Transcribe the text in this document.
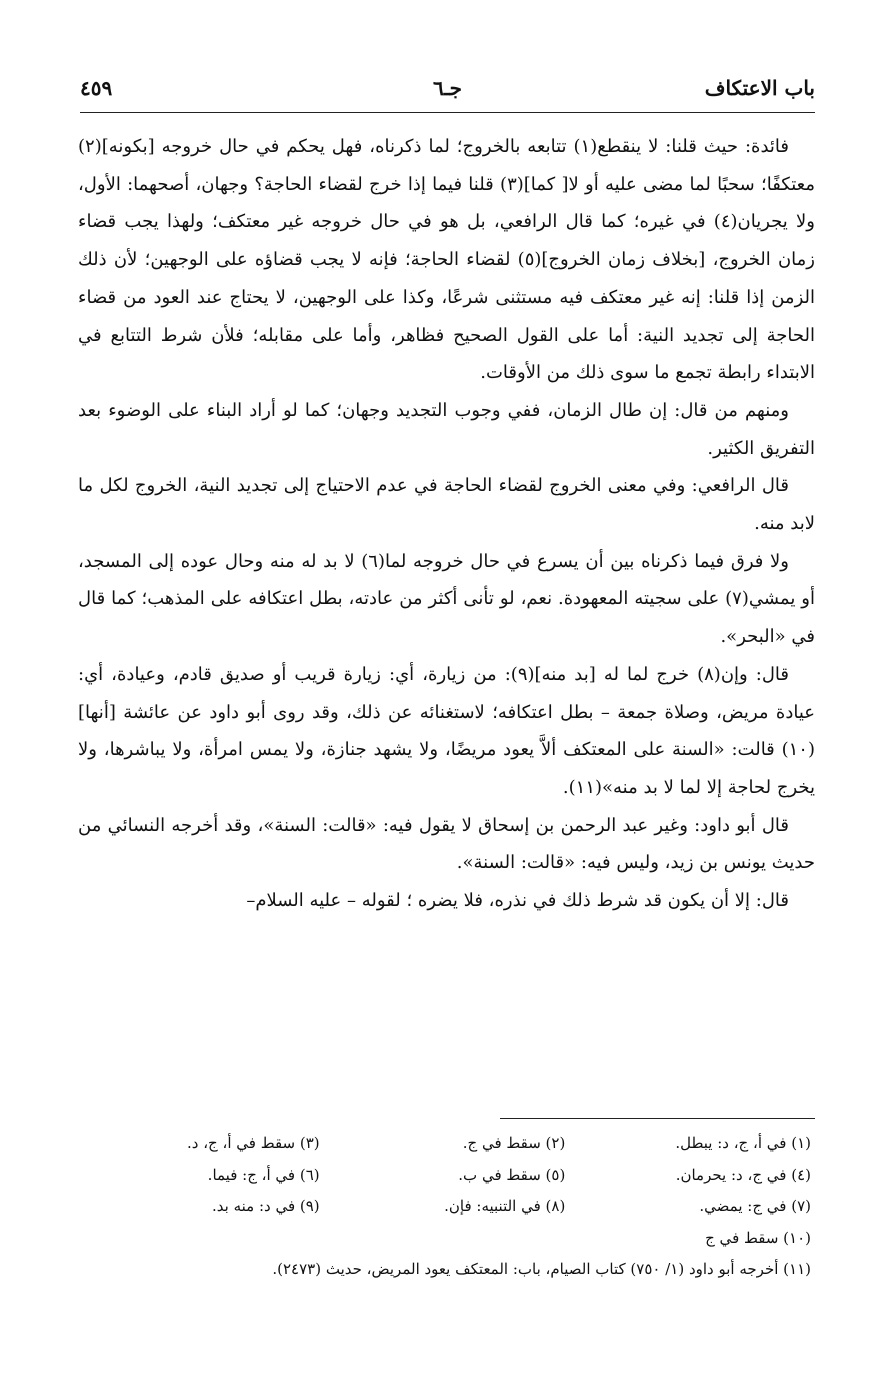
باب الاعتكاف
جـ٦
٤٥٩

فائدة: حيث قلنا: لا ينقطع(١) تتابعه بالخروج؛ لما ذكرناه، فهل يحكم في حال خروجه [بكونه](٢) معتكفًا؛ سحبًا لما مضى عليه أو لا[ كما](٣) قلنا فيما إذا خرج لقضاء الحاجة؟ وجهان، أصحهما: الأول، ولا يجريان(٤) في غيره؛ كما قال الرافعي، بل هو في حال خروجه غير معتكف؛ ولهذا يجب قضاء زمان الخروج، [بخلاف زمان الخروج](٥) لقضاء الحاجة؛ فإنه لا يجب قضاؤه على الوجهين؛ لأن ذلك الزمن إذا قلنا: إنه غير معتكف فيه مستثنى شرعًا، وكذا على الوجهين، لا يحتاج عند العود من قضاء الحاجة إلى تجديد النية: أما على القول الصحيح فظاهر، وأما على مقابله؛ فلأن شرط التتابع في الابتداء رابطة تجمع ما سوى ذلك من الأوقات.

ومنهم من قال: إن طال الزمان، ففي وجوب التجديد وجهان؛ كما لو أراد البناء على الوضوء بعد التفريق الكثير.

قال الرافعي: وفي معنى الخروج لقضاء الحاجة في عدم الاحتياج إلى تجديد النية، الخروج لكل ما لابد منه.

ولا فرق فيما ذكرناه بين أن يسرع في حال خروجه لما(٦) لا بد له منه وحال عوده إلى المسجد، أو يمشي(٧) على سجيته المعهودة. نعم، لو تأنى أكثر من عادته، بطل اعتكافه على المذهب؛ كما قال في «البحر».

قال: وإن(٨) خرج لما له [بد منه](٩): من زيارة، أي: زيارة قريب أو صديق قادم، وعيادة، أي: عيادة مريض، وصلاة جمعة – بطل اعتكافه؛ لاستغنائه عن ذلك، وقد روى أبو داود عن عائشة [أنها](١٠) قالت: «السنة على المعتكف ألاَّ يعود مريضًا، ولا يشهد جنازة، ولا يمس امرأة، ولا يباشرها، ولا يخرج لحاجة إلا لما لا بد منه»(١١).

قال أبو داود: وغير عبد الرحمن بن إسحاق لا يقول فيه: «قالت: السنة»، وقد أخرجه النسائي من حديث يونس بن زيد، وليس فيه: «قالت: السنة».

قال: إلا أن يكون قد شرط ذلك في نذره، فلا يضره ؛ لقوله – عليه السلام–

(١) في أ، ج، د: يبطل.
(٢) سقط في ج.
(٣) سقط في أ، ج، د.
(٤) في ج، د: يحرمان.
(٥) سقط في ب.
(٦) في أ، ج: فيما.
(٧) في ج: يمضي.
(٨) في التنبيه: فإن.
(٩) في د: منه بد.
(١٠) سقط في ج
(١١) أخرجه أبو داود (١/ ٧٥٠) كتاب الصيام، باب: المعتكف يعود المريض، حديث (٢٤٧٣).
